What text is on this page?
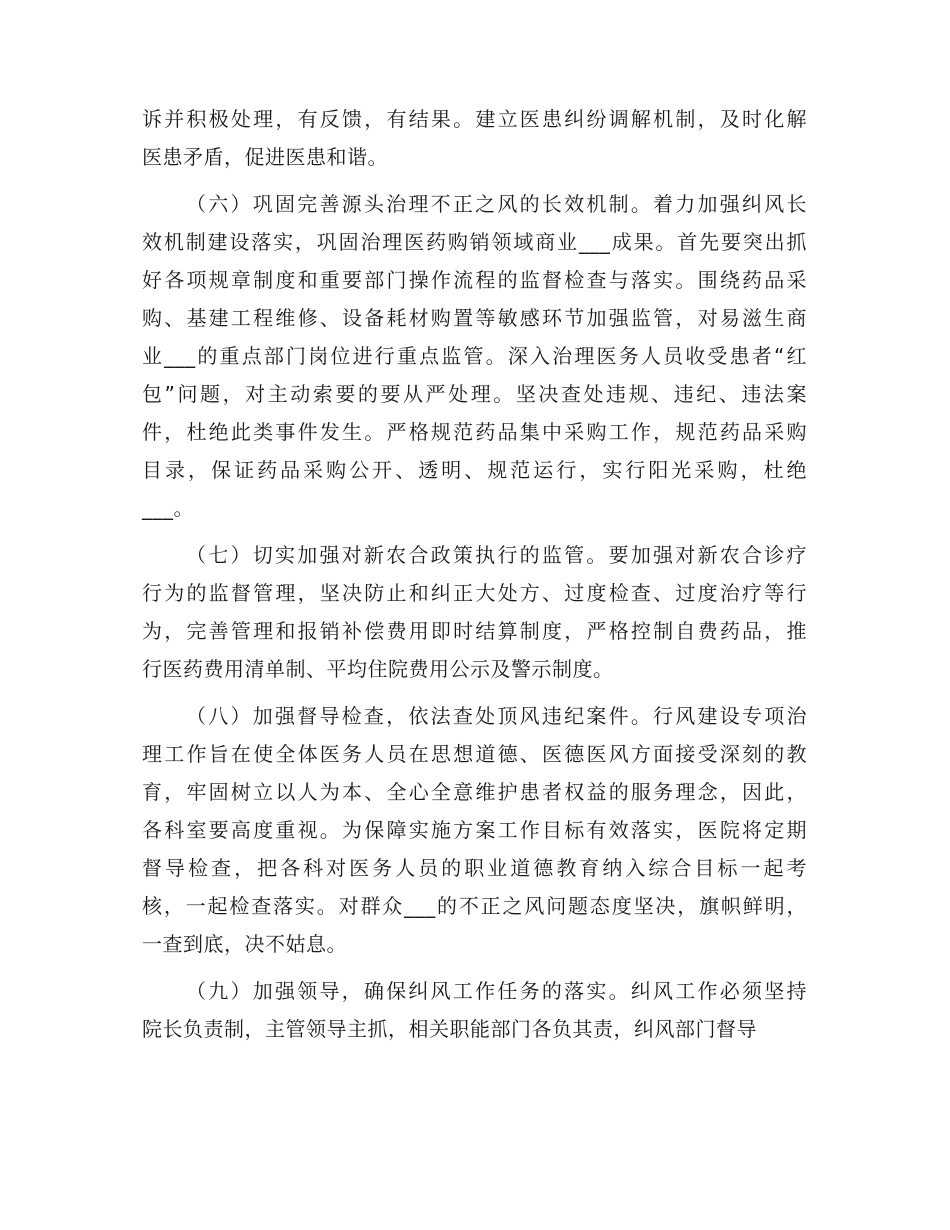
诉并积极处理，有反馈，有结果。建立医患纠纷调解机制，及时化解
医患矛盾，促进医患和谐。
（六）巩固完善源头治理不正之风的长效机制。着力加强纠风长
效机制建设落实，巩固治理医药购销领域商业___成果。首先要突出抓
好各项规章制度和重要部门操作流程的监督检查与落实。围绕药品采
购、基建工程维修、设备耗材购置等敏感环节加强监管，对易滋生商
业___的重点部门岗位进行重点监管。深入治理医务人员收受患者“红
包”问题，对主动索要的要从严处理。坚决查处违规、违纪、违法案
件，杜绝此类事件发生。严格规范药品集中采购工作，规范药品采购
目录，保证药品采购公开、透明、规范运行，实行阳光采购，杜绝
___。
（七）切实加强对新农合政策执行的监管。要加强对新农合诊疗
行为的监督管理，坚决防止和纠正大处方、过度检查、过度治疗等行
为，完善管理和报销补偿费用即时结算制度，严格控制自费药品，推
行医药费用清单制、平均住院费用公示及警示制度。
（八）加强督导检查，依法查处顶风违纪案件。行风建设专项治
理工作旨在使全体医务人员在思想道德、医德医风方面接受深刻的教
育，牢固树立以人为本、全心全意维护患者权益的服务理念，因此，
各科室要高度重视。为保障实施方案工作目标有效落实，医院将定期
督导检查，把各科对医务人员的职业道德教育纳入综合目标一起考
核，一起检查落实。对群众___的不正之风问题态度坚决，旗帜鲜明，
一查到底，决不姑息。
（九）加强领导，确保纠风工作任务的落实。纠风工作必须坚持
院长负责制，主管领导主抓，相关职能部门各负其责，纠风部门督导
